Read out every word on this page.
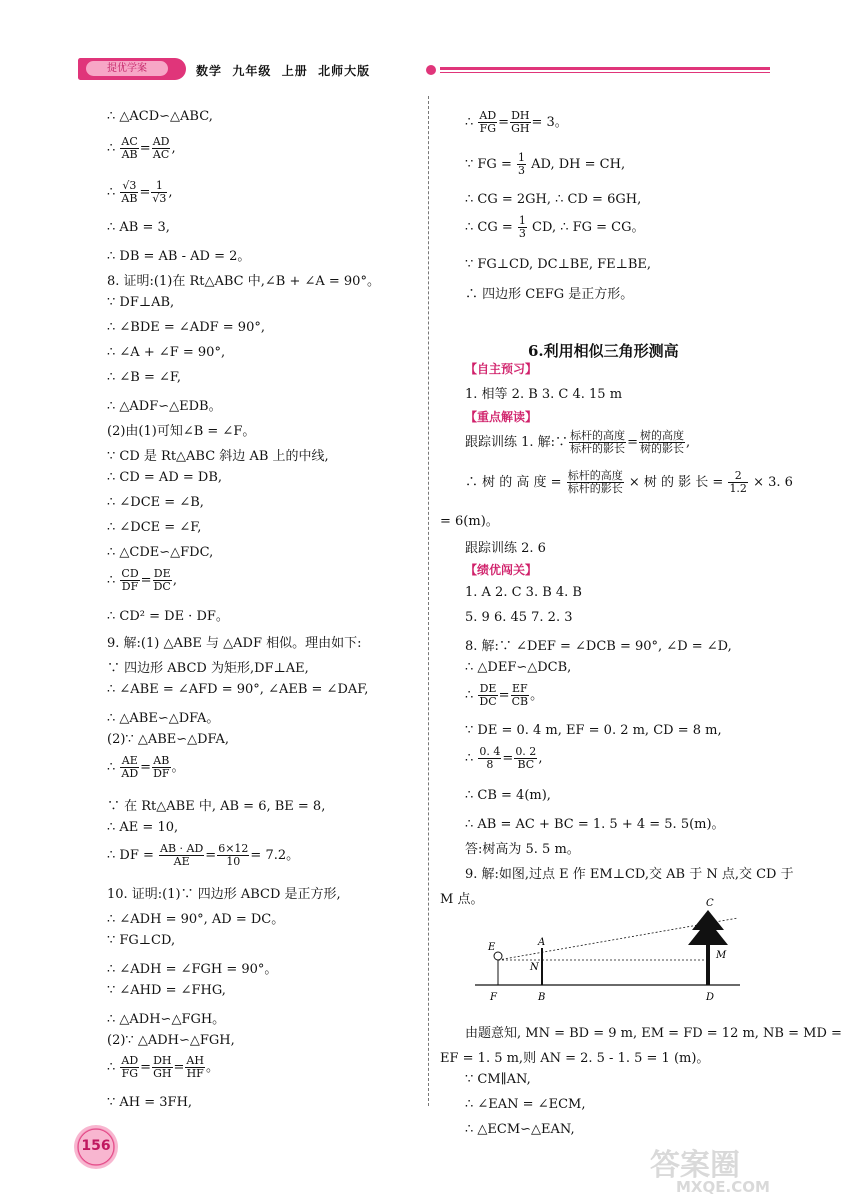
提优学案	数学  九年级  上册  北师大版
∴ △ACD∽△ABC,
∴ $\frac{AC}{AB} = \frac{AD}{AC}$ ,
∴ $\frac{√3}{AB} = \frac{1}{√3}$ ,
∴ AB = 3,
∴ DB = AB - AD = 2。
8. 证明:(1)在 Rt△ABC 中,∠B + ∠A = 90°。
∵ DF⊥AB,
∴ ∠BDE = ∠ADF = 90°,
∴ ∠A + ∠F = 90°,
∴ ∠B = ∠F,
∴ △ADF∽△EDB。
(2)由(1)可知∠B = ∠F。
∵ CD 是 Rt△ABC 斜边 AB 上的中线,
∴ CD = AD = DB,
∴ ∠DCE = ∠B,
∴ ∠DCE = ∠F,
∴ △CDE∽△FDC,
∴ $\frac{CD}{DF} = \frac{DE}{DC}$ ,
∴ CD² = DE · DF。
9. 解:(1) △ABE 与 △ADF 相似。理由如下:
∵ 四边形 ABCD 为矩形,DF⊥AE,
∴ ∠ABE = ∠AFD = 90°, ∠AEB = ∠DAF,
∴ △ABE∽△DFA。
(2)∵ △ABE∽△DFA,
∴ $\frac{AE}{AD} = \frac{AB}{DF}$ 。
∵ 在 Rt△ABE 中, AB = 6, BE = 8,
∴ AE = 10,
∴ DF = $\frac{AB \cdot AD}{AE} = \frac{6\times 12}{10} = 7.2$。
10. 证明:(1)∵ 四边形 ABCD 是正方形,
∴ ∠ADH = 90°, AD = DC。
∵ FG⊥CD,
∴ ∠ADH = ∠FGH = 90°。
∵ ∠AHD = ∠FHG,
∴ △ADH∽△FGH。
(2)∵ △ADH∽△FGH,
∴ $\frac{AD}{FG} = \frac{DH}{GH} = \frac{AH}{HF}$ 。
∵ AH = 3FH,
∴ $\frac{AD}{FG} = \frac{DH}{GH} = 3$。
∵ FG = $\frac{1}{3}$ AD, DH = CH,
∴ CG = 2GH, ∴ CD = 6GH,
∴ CG = $\frac{1}{3}$ CD, ∴ FG = CG。
∵ FG⊥CD, DC⊥BE, FE⊥BE,
∴ 四边形 CEFG 是正方形。
6.利用相似三角形测高
【自主预习】
1. 相等 2. B 3. C 4. 15 m
【重点解读】
跟踪训练 1. 解:∵ $\frac{\text{标杆的高度}}{\text{标杆的影长}} = \frac{\text{树的高度}}{\text{树的影长}}$ ,
∴ 树 的 高 度 = $\frac{\text{标杆的高度}}{\text{标杆的影长}}$ × 树 的 影 长 = $\frac{2}{1.2} \times 3$. 6
= 6(m)。
跟踪训练 2. 6
【绩优闯关】
1. A 2. C 3. B 4. B
5. 9 6. 45 7. 2. 3
8. 解:∵ ∠DEF = ∠DCB = 90°, ∠D = ∠D,
∴ △DEF∽△DCB,
∴ $\frac{DE}{DC} = \frac{EF}{CB}$ 。
∵ DE = 0. 4 m, EF = 0. 2 m, CD = 8 m,
∴ $\frac{0. 4}{8} = \frac{0. 2}{BC}$ ,
∴ CB = 4(m),
∴ AB = AC + BC = 1. 5 + 4 = 5. 5(m)。
答:树高为 5. 5 m。
9. 解:如图,过点 E 作 EM⊥CD,交 AB 于 N 点,交 CD 于
M 点。
E
F
A
N
B
C
M
D
由题意知, MN = BD = 9 m, EM = FD = 12 m, NB = MD =
EF = 1. 5 m,则 AN = 2. 5 - 1. 5 = 1 (m)。
∵ CM∥AN,
∴ ∠EAN = ∠ECM,
∴ △ECM∽△EAN,
156
答案圈
MXQE.COM
